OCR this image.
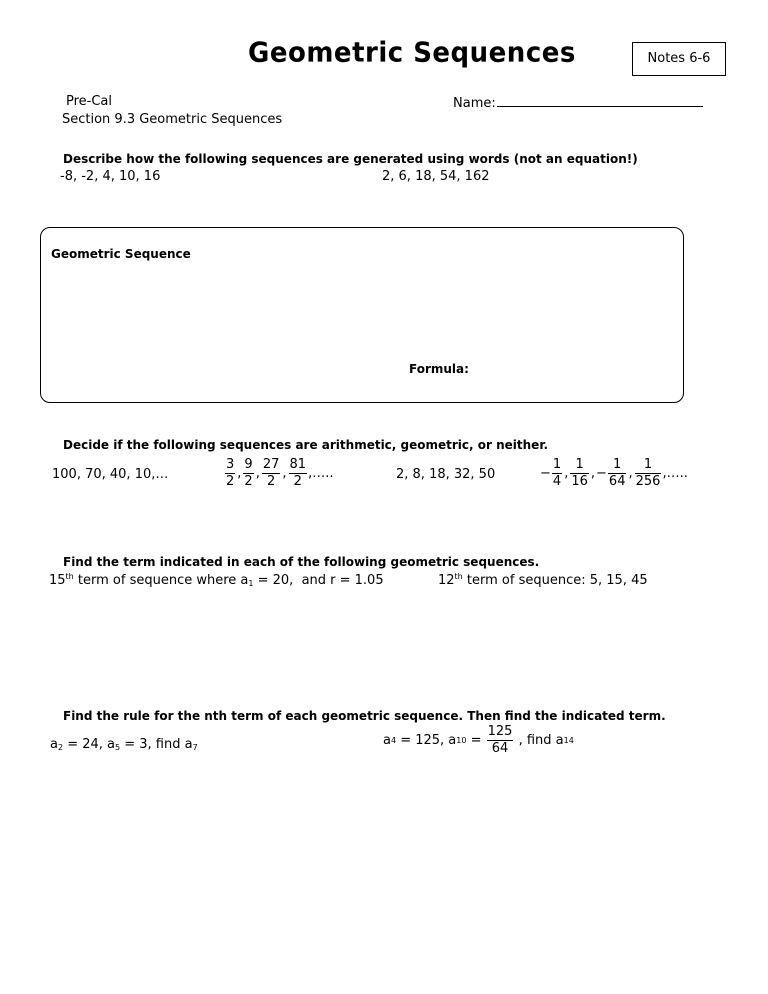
Geometric Sequences	Notes 6-6
Pre-Cal
Section 9.3 Geometric Sequences
Name:
Describe how the following sequences are generated using words (not an equation!)
-8, -2, 4, 10, 16	2, 6, 18, 54, 162
Geometric Sequence
Formula:
Decide if the following sequences are arithmetic, geometric, or neither.
100, 70, 40, 10,…	$\frac{3}{2}$ , $\frac{9}{2}$ , $\frac{27}{2}$ , $\frac{81}{2}$ ,…..	2, 8, 18, 32, 50	− $\frac{1}{4}$ , $\frac{1}{16}$ , − $\frac{1}{64}$ , $\frac{1}{256}$ ,…..
Find the term indicated in each of the following geometric sequences.
15th term of sequence where $a_1 = 20$,  and r = 1.05	12th term of sequence: 5, 15, 45
Find the rule for the nth term of each geometric sequence. Then find the indicated term.
$a_2 = 24$, $a_5 = 3$, find $a_7$	a 4 = 125, a $10 = \frac{125}{64}$ , find a 14
